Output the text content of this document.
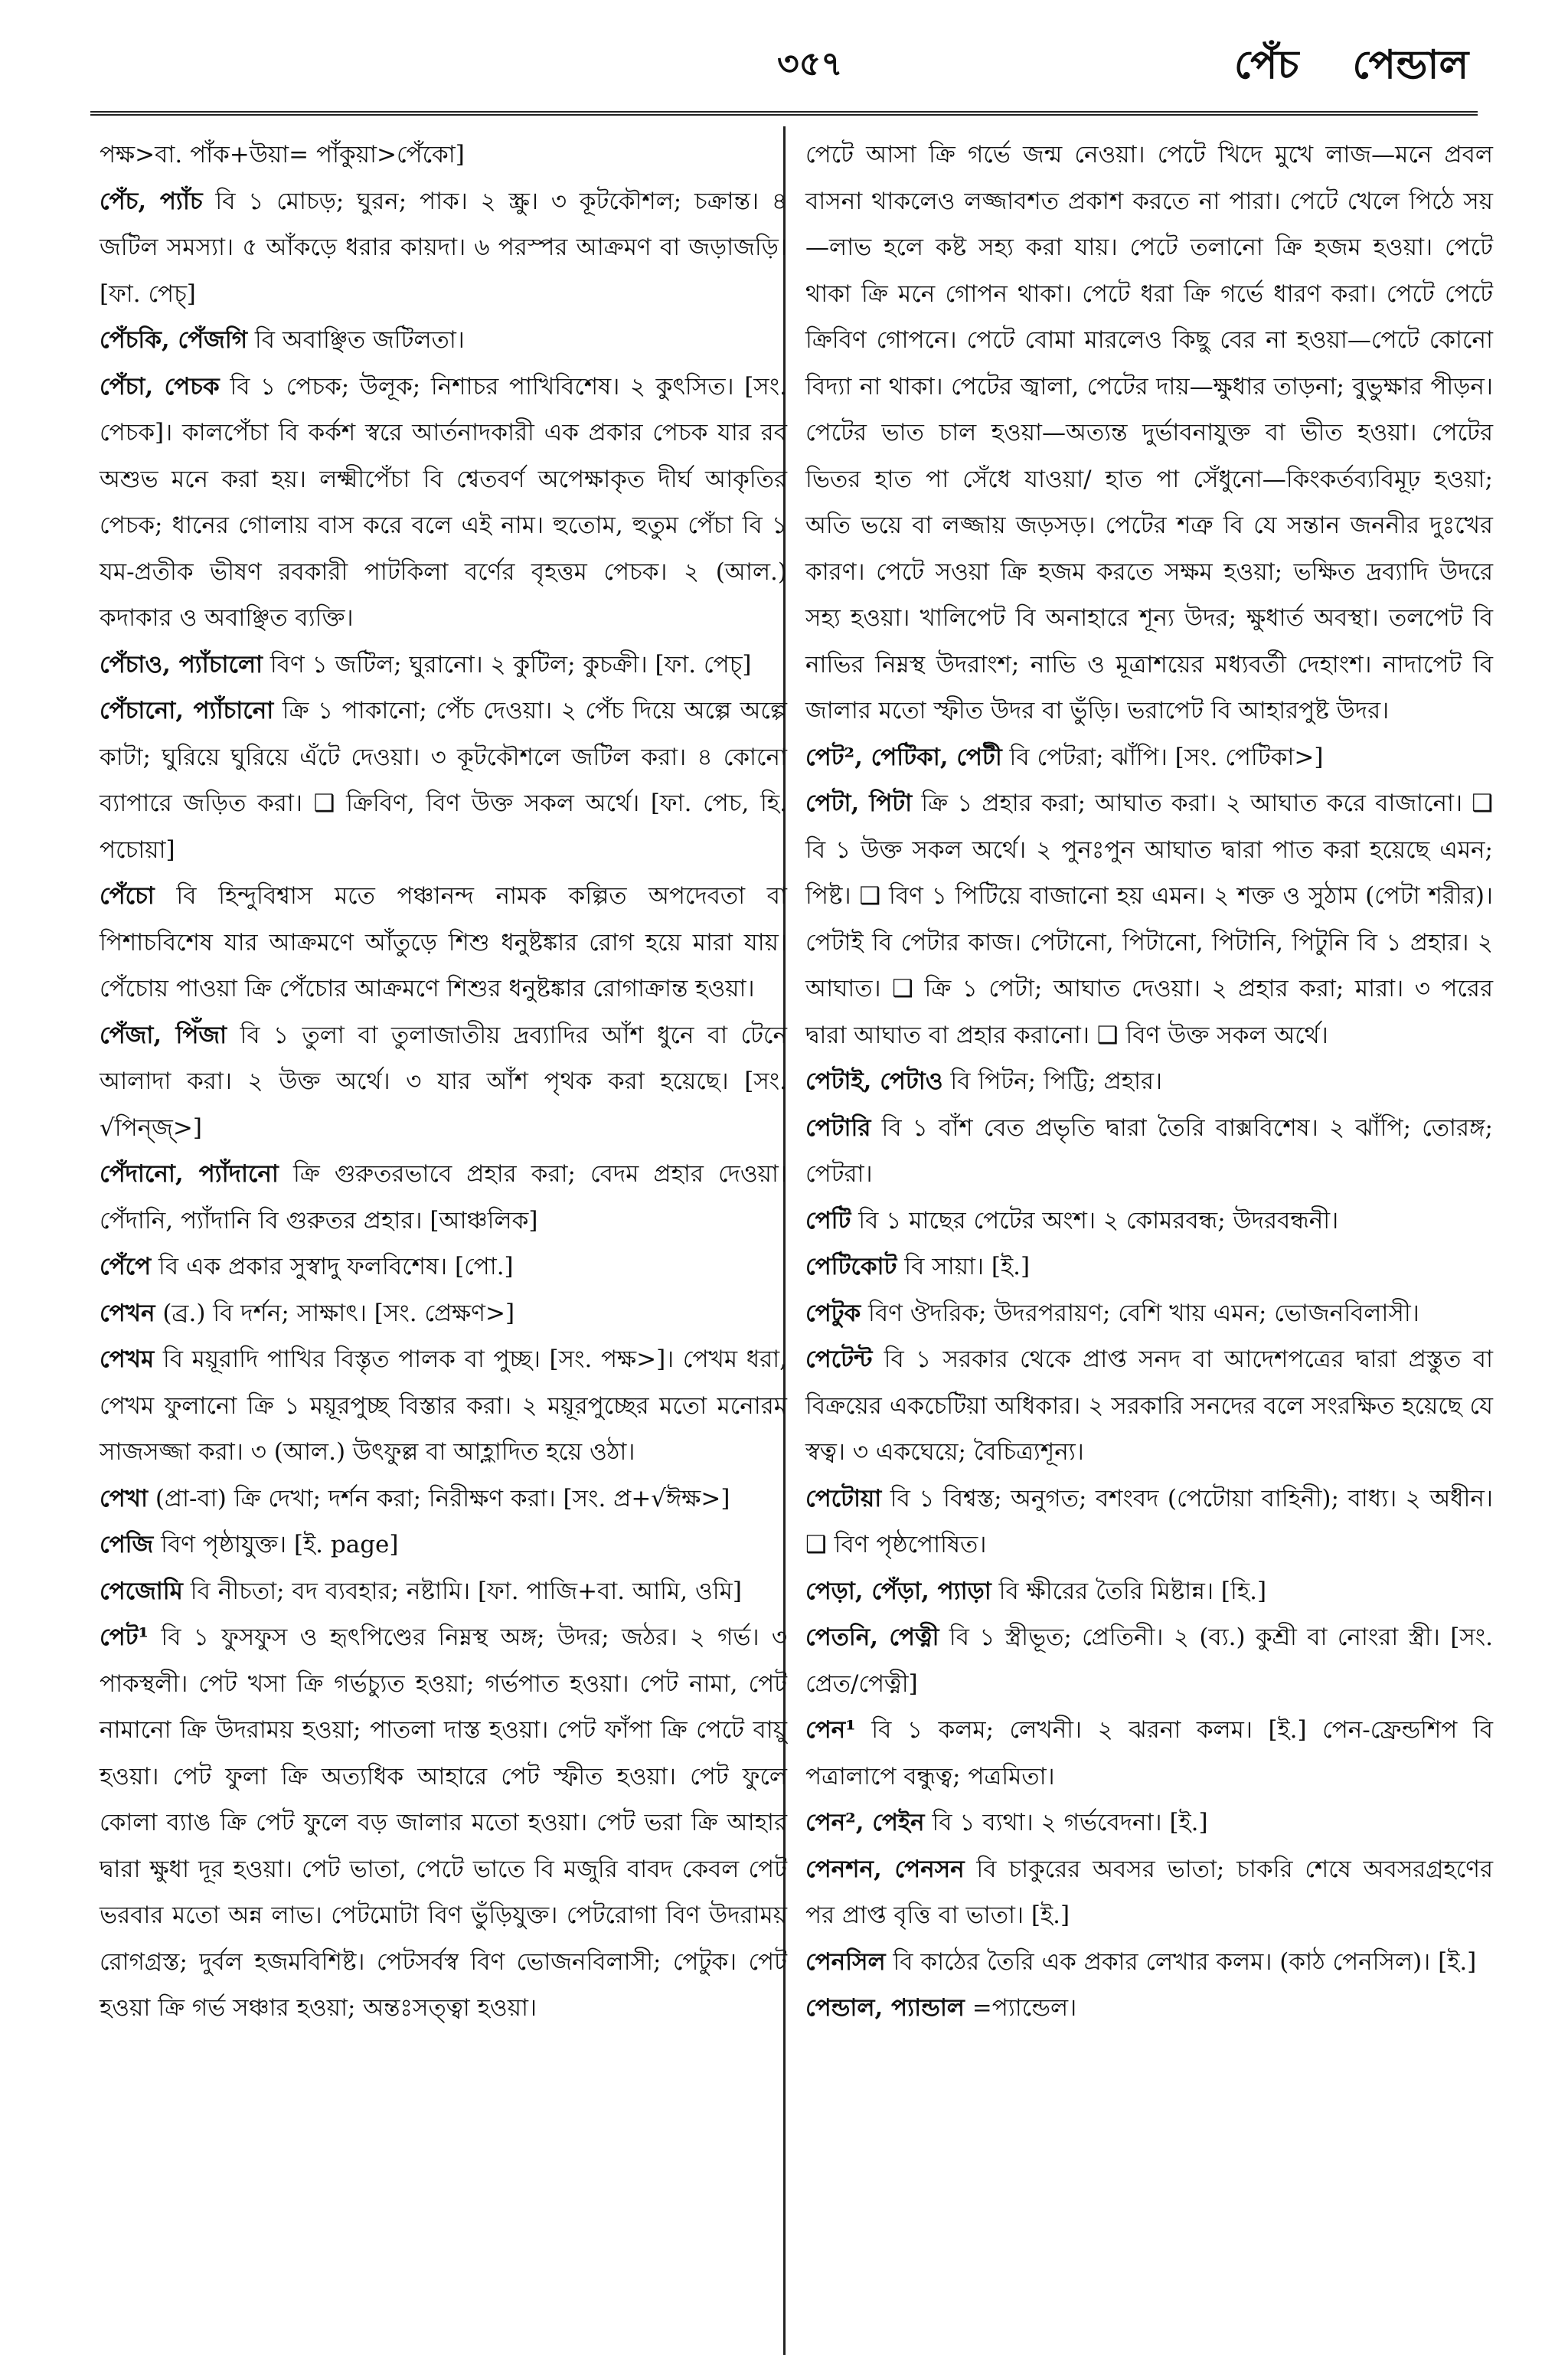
৩৫৭	পেঁচ পেন্ডাল

পক্ষ>বা. পাঁক+উয়া= পাঁকুয়া>পেঁকো]

পেঁচ, প্যাঁচ বি ১ মোচড়; ঘুরন; পাক। ২ স্ক্রু। ৩ কূটকৌশল; চক্রান্ত। ৪ জটিল সমস্যা। ৫ আঁকড়ে ধরার কায়দা। ৬ পরস্পর আক্রমণ বা জড়াজড়ি। [ফা. পেচ্‌]

পেঁচকি, পেঁজগি বি অবাঞ্ছিত জটিলতা।

পেঁচা, পেচক বি ১ পেচক; উলূক; নিশাচর পাখিবিশেষ। ২ কুৎসিত। [সং. পেচক]। কালপেঁচা বি কর্কশ স্বরে আর্তনাদকারী এক প্রকার পেচক যার রব অশুভ মনে করা হয়। লক্ষ্মীপেঁচা বি শ্বেতবর্ণ অপেক্ষাকৃত দীর্ঘ আকৃতির পেচক; ধানের গোলায় বাস করে বলে এই নাম। হুতোম, হুতুম পেঁচা বি ১ যম-প্রতীক ভীষণ রবকারী পাটকিলা বর্ণের বৃহত্তম পেচক। ২ (আল.) কদাকার ও অবাঞ্ছিত ব্যক্তি।

পেঁচাও, প্যাঁচালো বিণ ১ জটিল; ঘুরানো। ২ কুটিল; কুচক্রী। [ফা. পেচ্‌]

পেঁচানো, প্যাঁচানো ক্রি ১ পাকানো; পেঁচ দেওয়া। ২ পেঁচ দিয়ে অল্পে অল্পে কাটা; ঘুরিয়ে ঘুরিয়ে এঁটে দেওয়া। ৩ কূটকৌশলে জটিল করা। ৪ কোনো ব্যাপারে জড়িত করা। ❑ ক্রিবিণ, বিণ উক্ত সকল অর্থে। [ফা. পেচ, হি. পচোয়া]

পেঁচো বি হিন্দুবিশ্বাস মতে পঞ্চানন্দ নামক কল্পিত অপদেবতা বা পিশাচবিশেষ যার আক্রমণে আঁতুড়ে শিশু ধনুষ্টঙ্কার রোগ হয়ে মারা যায়। পেঁচোয় পাওয়া ক্রি পেঁচোর আক্রমণে শিশুর ধনুষ্টঙ্কার রোগাক্রান্ত হওয়া।

পেঁজা, পিঁজা বি ১ তুলা বা তুলাজাতীয় দ্রব্যাদির আঁশ ধুনে বা টেনে আলাদা করা। ২ উক্ত অর্থে। ৩ যার আঁশ পৃথক করা হয়েছে। [সং. √পিন্‌জ্‌>]

পেঁদানো, প্যাঁদানো ক্রি গুরুতরভাবে প্রহার করা; বেদম প্রহার দেওয়া। পেঁদানি, প্যাঁদানি বি গুরুতর প্রহার। [আঞ্চলিক]

পেঁপে বি এক প্রকার সুস্বাদু ফলবিশেষ। [পো.]

পেখন (ব্র.) বি দর্শন; সাক্ষাৎ। [সং. প্রেক্ষণ>]

পেখম বি ময়ূরাদি পাখির বিস্তৃত পালক বা পুচ্ছ। [সং. পক্ষ>]। পেখম ধরা, পেখম ফুলানো ক্রি ১ ময়ূরপুচ্ছ বিস্তার করা। ২ ময়ূরপুচ্ছের মতো মনোরম সাজসজ্জা করা। ৩ (আল.) উৎফুল্ল বা আহ্লাদিত হয়ে ওঠা।

পেখা (প্রা-বা) ক্রি দেখা; দর্শন করা; নিরীক্ষণ করা। [সং. প্র+√ঈক্ষ>]

পেজি বিণ পৃষ্ঠাযুক্ত। [ই. page]

পেজোমি বি নীচতা; বদ ব্যবহার; নষ্টামি। [ফা. পাজি+বা. আমি, ওমি]

পেট¹ বি ১ ফুসফুস ও হৃৎপিণ্ডের নিম্নস্থ অঙ্গ; উদর; জঠর। ২ গর্ভ। ৩ পাকস্থলী। পেট খসা ক্রি গর্ভচ্যুত হওয়া; গর্ভপাত হওয়া। পেট নামা, পেট নামানো ক্রি উদরাময় হওয়া; পাতলা দাস্ত হওয়া। পেট ফাঁপা ক্রি পেটে বায়ু হওয়া। পেট ফুলা ক্রি অত্যধিক আহারে পেট স্ফীত হওয়া। পেট ফুলে কোলা ব্যাঙ ক্রি পেট ফুলে বড় জালার মতো হওয়া। পেট ভরা ক্রি আহার দ্বারা ক্ষুধা দূর হওয়া। পেট ভাতা, পেটে ভাতে বি মজুরি বাবদ কেবল পেট ভরবার মতো অন্ন লাভ। পেটমোটা বিণ ভুঁড়িযুক্ত। পেটরোগা বিণ উদরাময় রোগগ্রস্ত; দুর্বল হজমবিশিষ্ট। পেটসর্বস্ব বিণ ভোজনবিলাসী; পেটুক। পেট হওয়া ক্রি গর্ভ সঞ্চার হওয়া; অন্তঃসত্ত্বা হওয়া।

পেটে আসা ক্রি গর্ভে জন্ম নেওয়া। পেটে খিদে মুখে লাজ—মনে প্রবল বাসনা থাকলেও লজ্জাবশত প্রকাশ করতে না পারা। পেটে খেলে পিঠে সয়—লাভ হলে কষ্ট সহ্য করা যায়। পেটে তলানো ক্রি হজম হওয়া। পেটে থাকা ক্রি মনে গোপন থাকা। পেটে ধরা ক্রি গর্ভে ধারণ করা। পেটে পেটে ক্রিবিণ গোপনে। পেটে বোমা মারলেও কিছু বের না হওয়া—পেটে কোনো বিদ্যা না থাকা। পেটের জ্বালা, পেটের দায়—ক্ষুধার তাড়না; বুভুক্ষার পীড়ন। পেটের ভাত চাল হওয়া—অত্যন্ত দুর্ভাবনাযুক্ত বা ভীত হওয়া। পেটের ভিতর হাত পা সেঁধে যাওয়া/ হাত পা সেঁধুনো—কিংকর্তব্যবিমূঢ় হওয়া; অতি ভয়ে বা লজ্জায় জড়সড়। পেটের শত্রু বি যে সন্তান জননীর দুঃখের কারণ। পেটে সওয়া ক্রি হজম করতে সক্ষম হওয়া; ভক্ষিত দ্রব্যাদি উদরে সহ্য হওয়া। খালিপেট বি অনাহারে শূন্য উদর; ক্ষুধার্ত অবস্থা। তলপেট বি নাভির নিম্নস্থ উদরাংশ; নাভি ও মূত্রাশয়ের মধ্যবর্তী দেহাংশ। নাদাপেট বি জালার মতো স্ফীত উদর বা ভুঁড়ি। ভরাপেট বি আহারপুষ্ট উদর।

পেট², পেটিকা, পেটী বি পেটরা; ঝাঁপি। [সং. পেটিকা>]

পেটা, পিটা ক্রি ১ প্রহার করা; আঘাত করা। ২ আঘাত করে বাজানো। ❑ বি ১ উক্ত সকল অর্থে। ২ পুনঃপুন আঘাত দ্বারা পাত করা হয়েছে এমন; পিষ্ট। ❑ বিণ ১ পিটিয়ে বাজানো হয় এমন। ২ শক্ত ও সুঠাম (পেটা শরীর)। পেটাই বি পেটার কাজ। পেটানো, পিটানো, পিটানি, পিটুনি বি ১ প্রহার। ২ আঘাত। ❑ ক্রি ১ পেটা; আঘাত দেওয়া। ২ প্রহার করা; মারা। ৩ পরের দ্বারা আঘাত বা প্রহার করানো। ❑ বিণ উক্ত সকল অর্থে।

পেটাই, পেটাও বি পিটন; পিট্টি; প্রহার।

পেটারি বি ১ বাঁশ বেত প্রভৃতি দ্বারা তৈরি বাক্সবিশেষ। ২ ঝাঁপি; তোরঙ্গ; পেটরা।

পেটি বি ১ মাছের পেটের অংশ। ২ কোমরবন্ধ; উদরবন্ধনী।

পেটিকোট বি সায়া। [ই.]

পেটুক বিণ ঔদরিক; উদরপরায়ণ; বেশি খায় এমন; ভোজনবিলাসী।

পেটেন্ট বি ১ সরকার থেকে প্রাপ্ত সনদ বা আদেশপত্রের দ্বারা প্রস্তুত বা বিক্রয়ের একচেটিয়া অধিকার। ২ সরকারি সনদের বলে সংরক্ষিত হয়েছে যে স্বত্ব। ৩ একঘেয়ে; বৈচিত্র্যশূন্য।

পেটোয়া বি ১ বিশ্বস্ত; অনুগত; বশংবদ (পেটোয়া বাহিনী); বাধ্য। ২ অধীন। ❑ বিণ পৃষ্ঠপোষিত।

পেড়া, পেঁড়া, প্যাড়া বি ক্ষীরের তৈরি মিষ্টান্ন। [হি.]

পেতনি, পেত্নী বি ১ স্ত্রীভূত; প্রেতিনী। ২ (ব্য.) কুশ্রী বা নোংরা স্ত্রী। [সং. প্রেত/পেত্নী]

পেন¹ বি ১ কলম; লেখনী। ২ ঝরনা কলম। [ই.] পেন-ফ্রেন্ডশিপ বি পত্রালাপে বন্ধুত্ব; পত্রমিতা।

পেন², পেইন বি ১ ব্যথা। ২ গর্ভবেদনা। [ই.]

পেনশন, পেনসন বি চাকুরের অবসর ভাতা; চাকরি শেষে অবসরগ্রহণের পর প্রাপ্ত বৃত্তি বা ভাতা। [ই.]

পেনসিল বি কাঠের তৈরি এক প্রকার লেখার কলম। (কাঠ পেনসিল)। [ই.]

পেন্ডাল, প্যান্ডাল =প্যান্ডেল।
